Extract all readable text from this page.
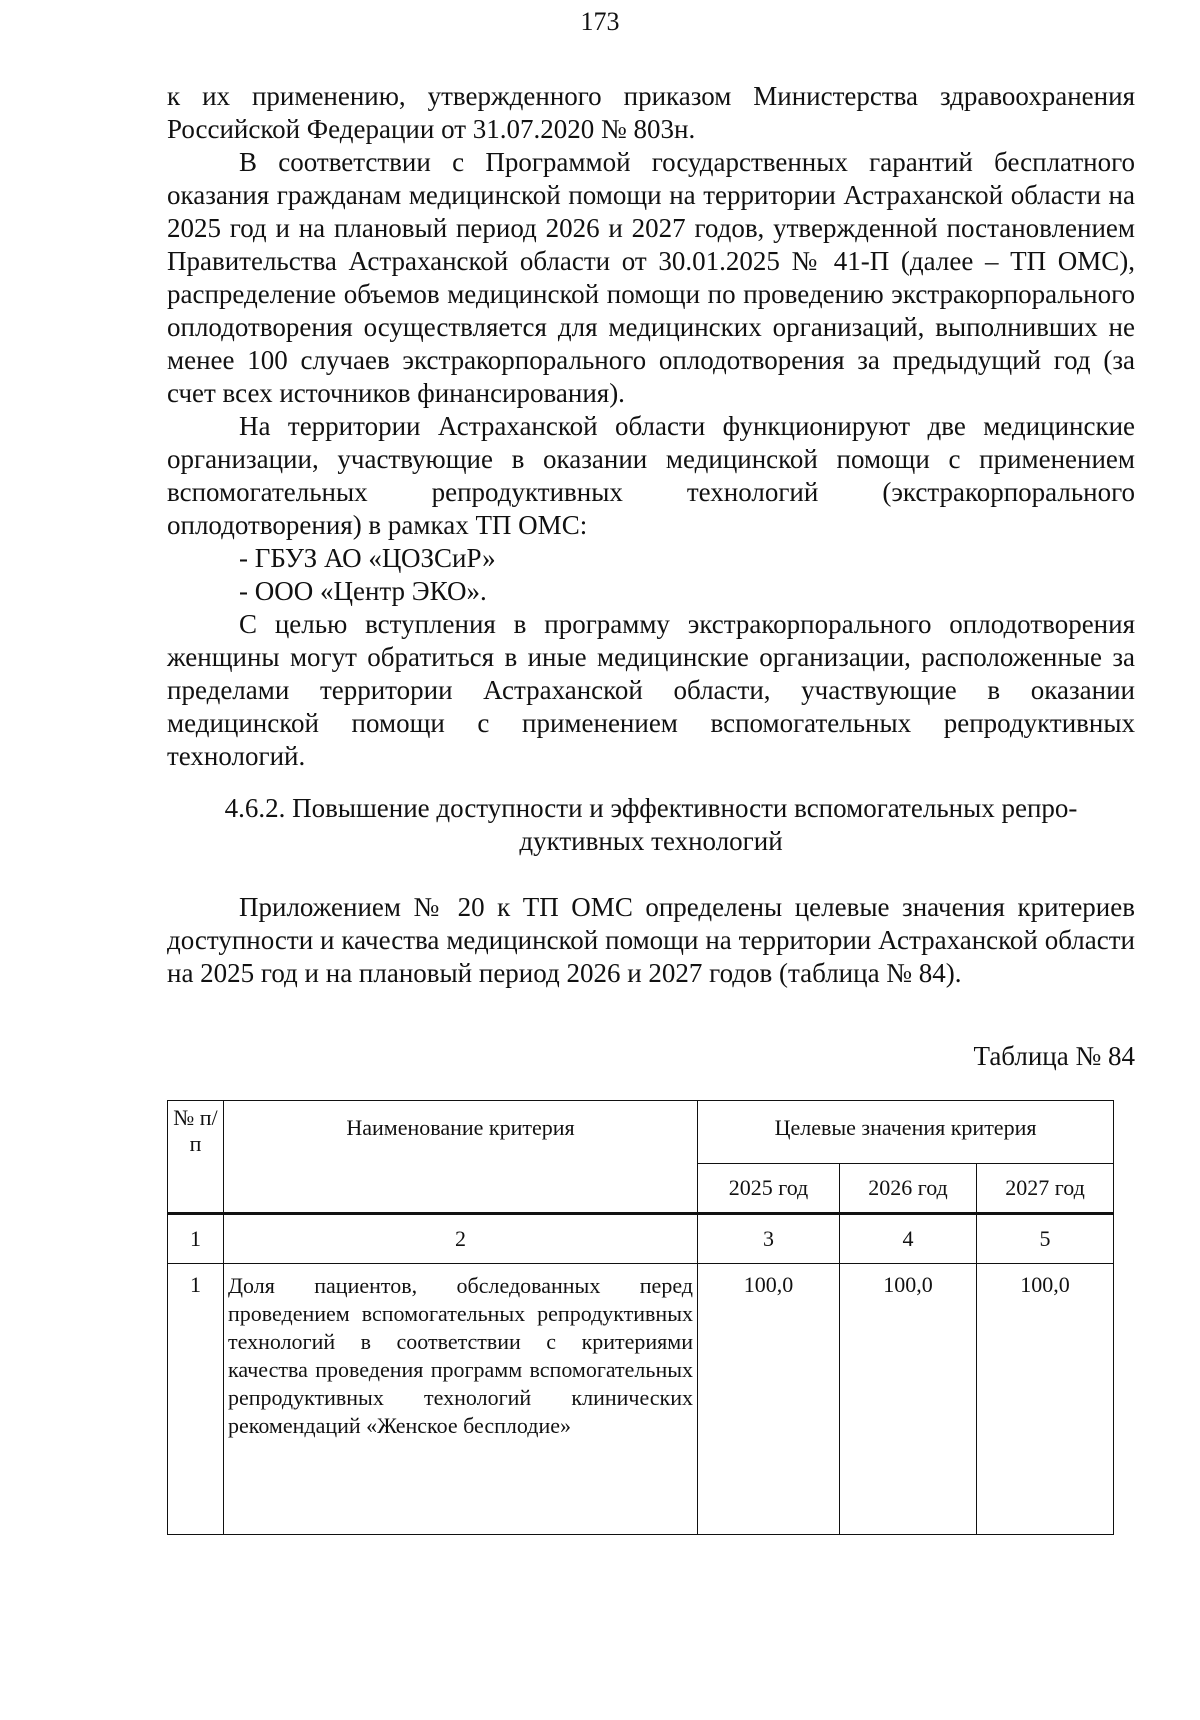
173

к их применению, утвержденного приказом Министерства здравоохранения Российской Федерации от 31.07.2020 № 803н.

В соответствии с Программой государственных гарантий бесплатного оказания гражданам медицинской помощи на территории Астраханской области на 2025 год и на плановый период 2026 и 2027 годов, утвержденной постановлением Правительства Астраханской области от 30.01.2025 № 41-П (далее – ТП ОМС), распределение объемов медицинской помощи по проведению экстракорпорального оплодотворения осуществляется для медицинских организаций, выполнивших не менее 100 случаев экстракорпорального оплодотворения за предыдущий год (за счет всех источников финансирования).

На территории Астраханской области функционируют две медицинские организации, участвующие в оказании медицинской помощи с применением вспомогательных репродуктивных технологий (экстракорпорального оплодотворения) в рамках ТП ОМС:

- ГБУЗ АО «ЦОЗСиР»

- ООО «Центр ЭКО».

С целью вступления в программу экстракорпорального оплодотворения женщины могут обратиться в иные медицинские организации, расположенные за пределами территории Астраханской области, участвующие в оказании медицинской помощи с применением вспомогательных репродуктивных технологий.

4.6.2. Повышение доступности и эффективности вспомогательных репро-
дуктивных технологий

Приложением № 20 к ТП ОМС определены целевые значения критериев доступности и качества медицинской помощи на территории Астраханской области на 2025 год и на плановый период 2026 и 2027 годов (таблица № 84).

Таблица № 84
№ п/п	Наименование критерия	Целевые значения критерия		
		2025 год	2026 год	2027 год
1	2	3	4	5
1	Доля пациентов, обследованных перед проведением вспомогательных репродуктивных технологий в соответствии с критериями качества проведения программ вспомогательных репродуктивных технологий клинических рекомендаций «Женское бесплодие»	100,0	100,0	100,0
